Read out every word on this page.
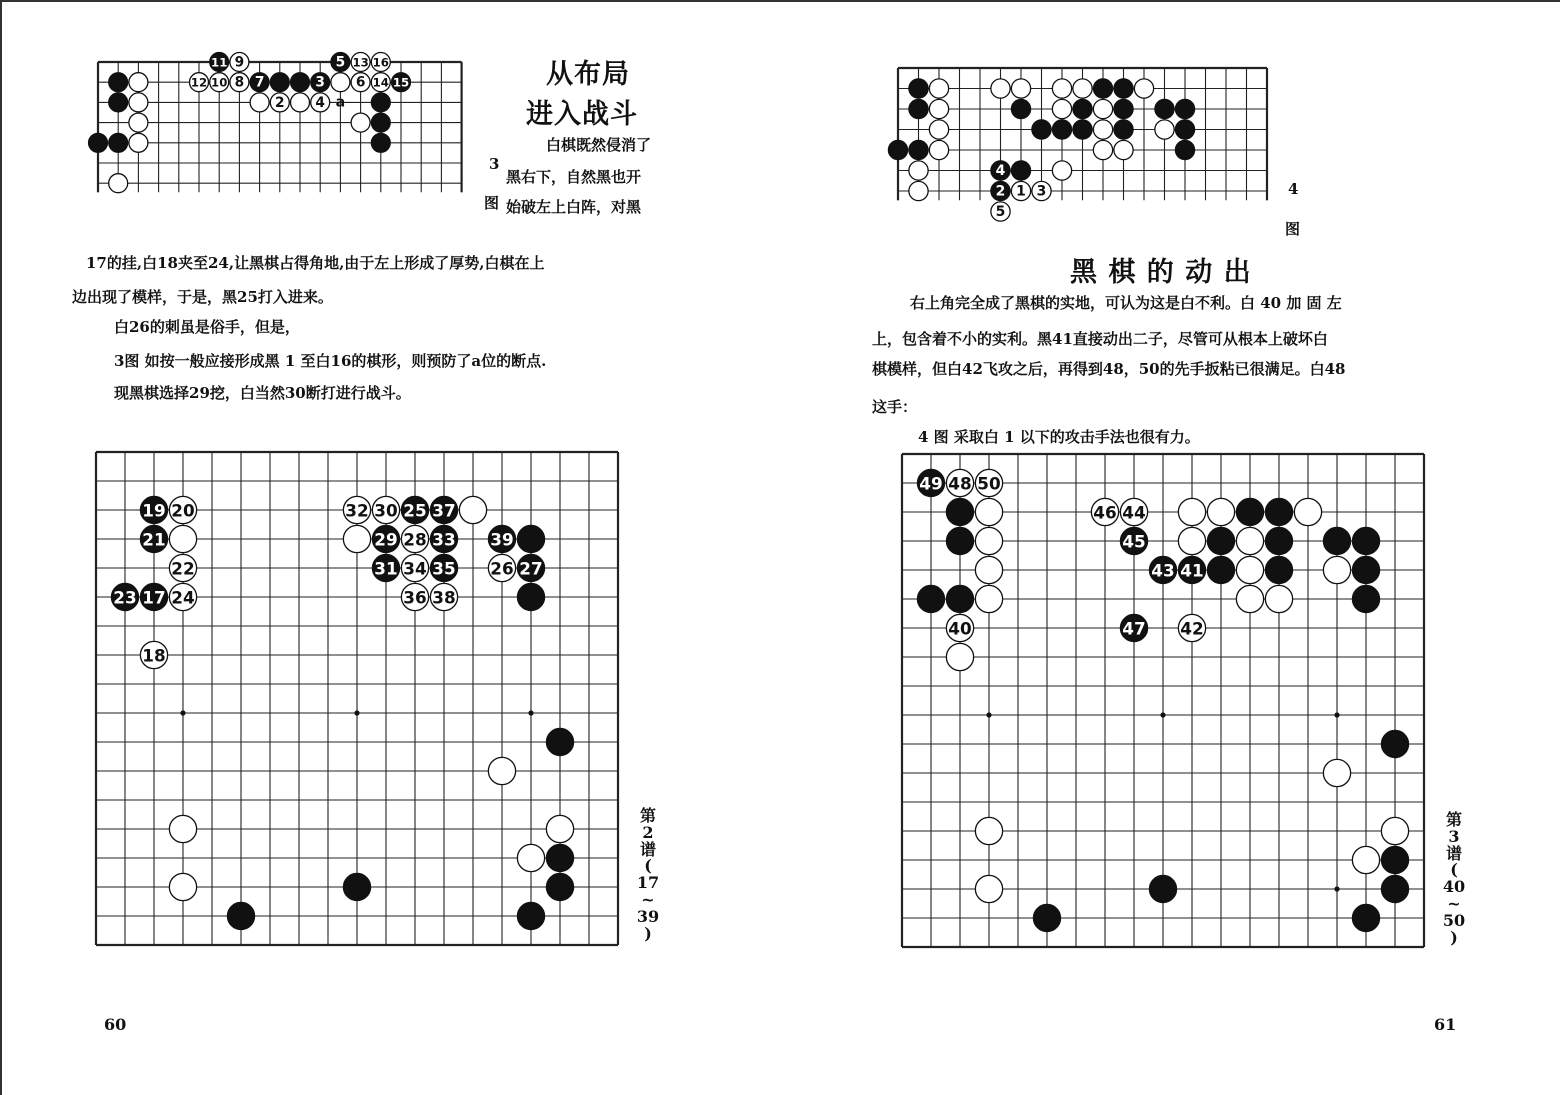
a
11 9	5 13 16
12 10 8 7	3 6 14 15
2 4
从布局
进入战斗
白棋既然侵消了
黑右下，自然黑也开
始破左上白阵，对黑
3
图
17的挂,白18夹至24,让黑棋占得角地,由于左上形成了厚势,白棋在上
边出现了模样，于是，黑25打入进来。
白26的刺虽是俗手，但是，
3图 如按一般应接形成黑 1 至白16的棋形，则预防了a位的断点.
现黑棋选择29挖，白当然30断打进行战斗。
19 20
21
22
23 17 24
18
32 30 25 37
29 28 33
31 34 35
36 38
39
26 27
第
2
谱
(
17
~
39
)
60
4
2 1 3
5
4
图
黑 棋 的 动 出
右上角完全成了黑棋的实地，可认为这是白不利。白 40 加 固 左
上，包含着不小的实利。黑41直接动出二子，尽管可从根本上破坏白
棋模样，但白42飞攻之后，再得到48，50的先手扳粘已很满足。白48
这手：
4 图 采取白 1 以下的攻击手法也很有力。
49 48 50
40
46 44
45
43 41
47 42
第
3
谱
(
40
~
50
)
61
